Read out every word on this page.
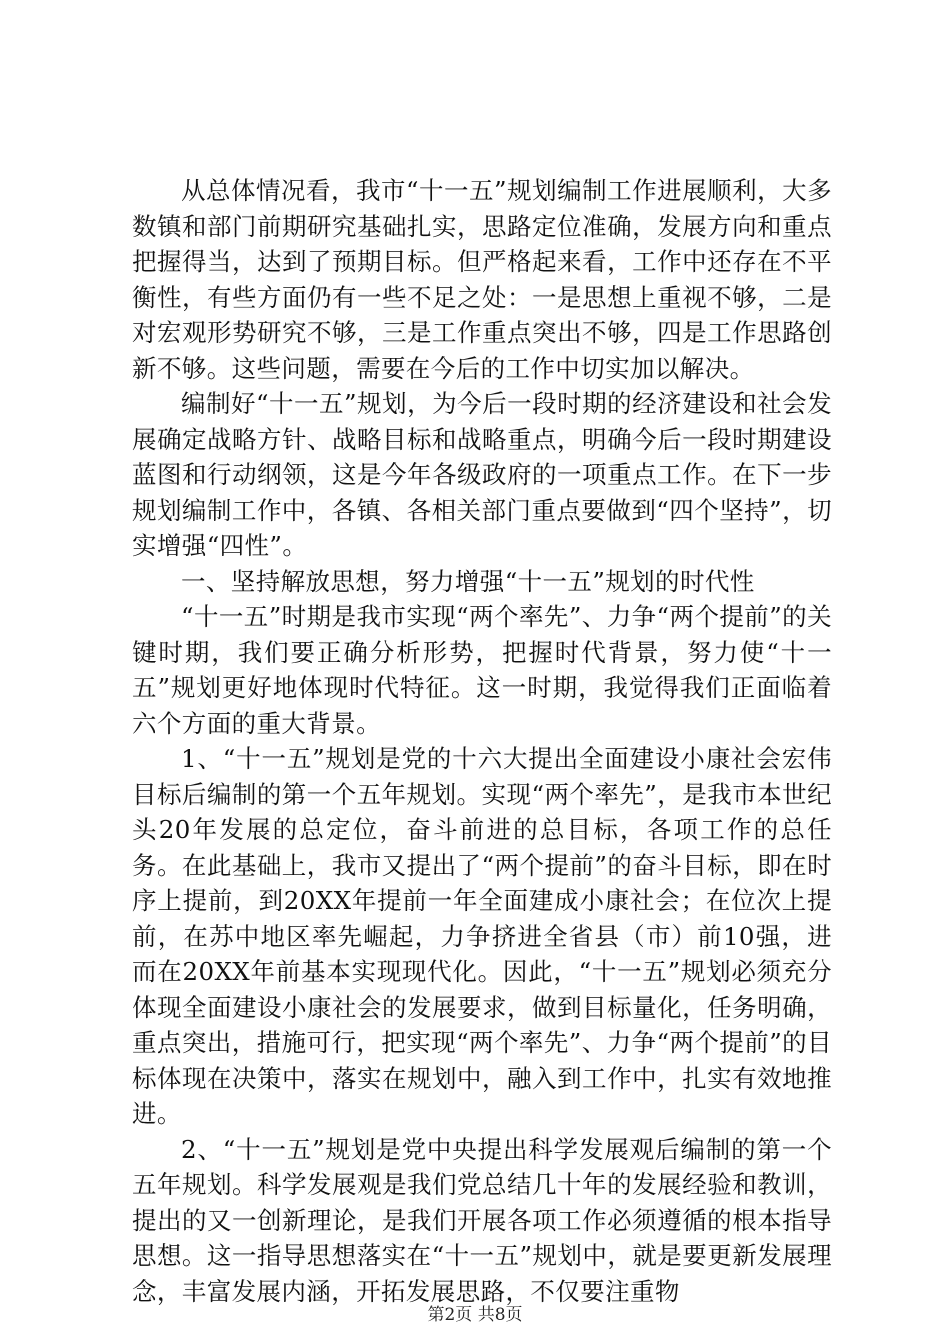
从总体情况看，我市“十一五”规划编制工作进展顺利，大多数镇和部门前期研究基础扎实，思路定位准确，发展方向和重点把握得当，达到了预期目标。但严格起来看，工作中还存在不平衡性，有些方面仍有一些不足之处：一是思想上重视不够，二是对宏观形势研究不够，三是工作重点突出不够，四是工作思路创新不够。这些问题，需要在今后的工作中切实加以解决。

编制好“十一五”规划，为今后一段时期的经济建设和社会发展确定战略方针、战略目标和战略重点，明确今后一段时期建设蓝图和行动纲领，这是今年各级政府的一项重点工作。在下一步规划编制工作中，各镇、各相关部门重点要做到“四个坚持”，切实增强“四性”。

一、坚持解放思想，努力增强“十一五”规划的时代性

“十一五”时期是我市实现“两个率先”、力争“两个提前”的关键时期，我们要正确分析形势，把握时代背景，努力使“十一五”规划更好地体现时代特征。这一时期，我觉得我们正面临着六个方面的重大背景。

1、“十一五”规划是党的十六大提出全面建设小康社会宏伟目标后编制的第一个五年规划。实现“两个率先”，是我市本世纪头20年发展的总定位，奋斗前进的总目标，各项工作的总任务。在此基础上，我市又提出了“两个提前”的奋斗目标，即在时序上提前，到20XX年提前一年全面建成小康社会；在位次上提前，在苏中地区率先崛起，力争挤进全省县（市）前10强，进而在20XX年前基本实现现代化。因此，“十一五”规划必须充分体现全面建设小康社会的发展要求，做到目标量化，任务明确，重点突出，措施可行，把实现“两个率先”、力争“两个提前”的目标体现在决策中，落实在规划中，融入到工作中，扎实有效地推进。

2、“十一五”规划是党中央提出科学发展观后编制的第一个五年规划。科学发展观是我们党总结几十年的发展经验和教训，提出的又一创新理论，是我们开展各项工作必须遵循的根本指导思想。这一指导思想落实在“十一五”规划中，就是要更新发展理念，丰富发展内涵，开拓发展思路，不仅要注重物

第2页 共8页
